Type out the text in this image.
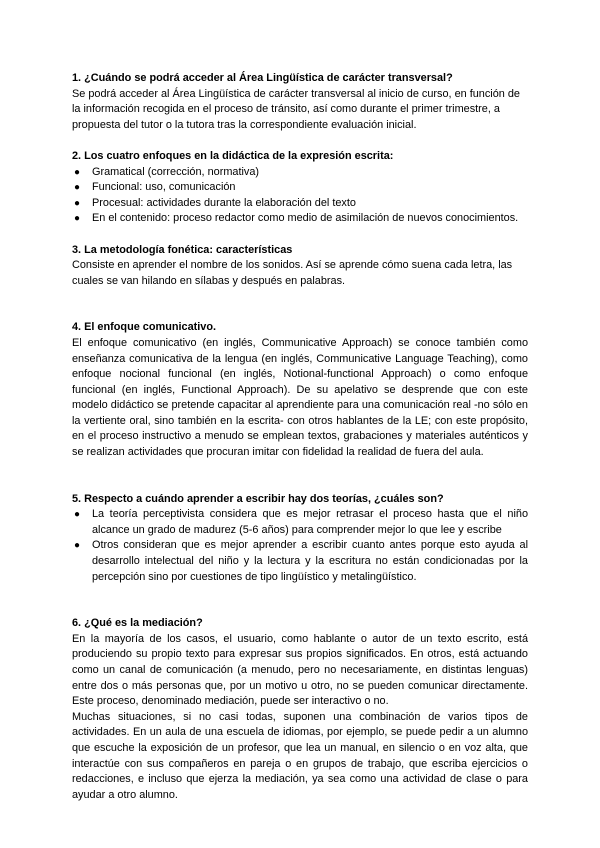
1. ¿Cuándo se podrá acceder al Área Lingüística de carácter transversal?

Se podrá acceder al Área Lingüística de carácter transversal al inicio de curso, en función de la información recogida en el proceso de tránsito, así como durante el primer trimestre, a propuesta del tutor o la tutora tras la correspondiente evaluación inicial.

2. Los cuatro enfoques en la didáctica de la expresión escrita:

● Gramatical (corrección, normativa)
● Funcional: uso, comunicación
● Procesual: actividades durante la elaboración del texto
● En el contenido: proceso redactor como medio de asimilación de nuevos conocimientos.

3. La metodología fonética: características

Consiste en aprender el nombre de los sonidos. Así se aprende cómo suena cada letra, las cuales se van hilando en sílabas y después en palabras.

4. El enfoque comunicativo.

El enfoque comunicativo (en inglés, Communicative Approach) se conoce también como enseñanza comunicativa de la lengua (en inglés, Communicative Language Teaching), como enfoque nocional funcional (en inglés, Notional-functional Approach) o como enfoque funcional (en inglés, Functional Approach). De su apelativo se desprende que con este modelo didáctico se pretende capacitar al aprendiente para una comunicación real -no sólo en la vertiente oral, sino también en la escrita- con otros hablantes de la LE; con este propósito, en el proceso instructivo a menudo se emplean textos, grabaciones y materiales auténticos y se realizan actividades que procuran imitar con fidelidad la realidad de fuera del aula.

5. Respecto a cuándo aprender a escribir hay dos teorías, ¿cuáles son?

● La teoría perceptivista considera que es mejor retrasar el proceso hasta que el niño alcance un grado de madurez (5-6 años) para comprender mejor lo que lee y escribe
● Otros consideran que es mejor aprender a escribir cuanto antes porque esto ayuda al desarrollo intelectual del niño y la lectura y la escritura no están condicionadas por la percepción sino por cuestiones de tipo lingüístico y metalingüístico.

6. ¿Qué es la mediación?

En la mayoría de los casos, el usuario, como hablante o autor de un texto escrito, está produciendo su propio texto para expresar sus propios significados. En otros, está actuando como un canal de comunicación (a menudo, pero no necesariamente, en distintas lenguas) entre dos o más personas que, por un motivo u otro, no se pueden comunicar directamente. Este proceso, denominado mediación, puede ser interactivo o no.

Muchas situaciones, si no casi todas, suponen una combinación de varios tipos de actividades. En un aula de una escuela de idiomas, por ejemplo, se puede pedir a un alumno que escuche la exposición de un profesor, que lea un manual, en silencio o en voz alta, que interactúe con sus compañeros en pareja o en grupos de trabajo, que escriba ejercicios o redacciones, e incluso que ejerza la mediación, ya sea como una actividad de clase o para ayudar a otro alumno.
